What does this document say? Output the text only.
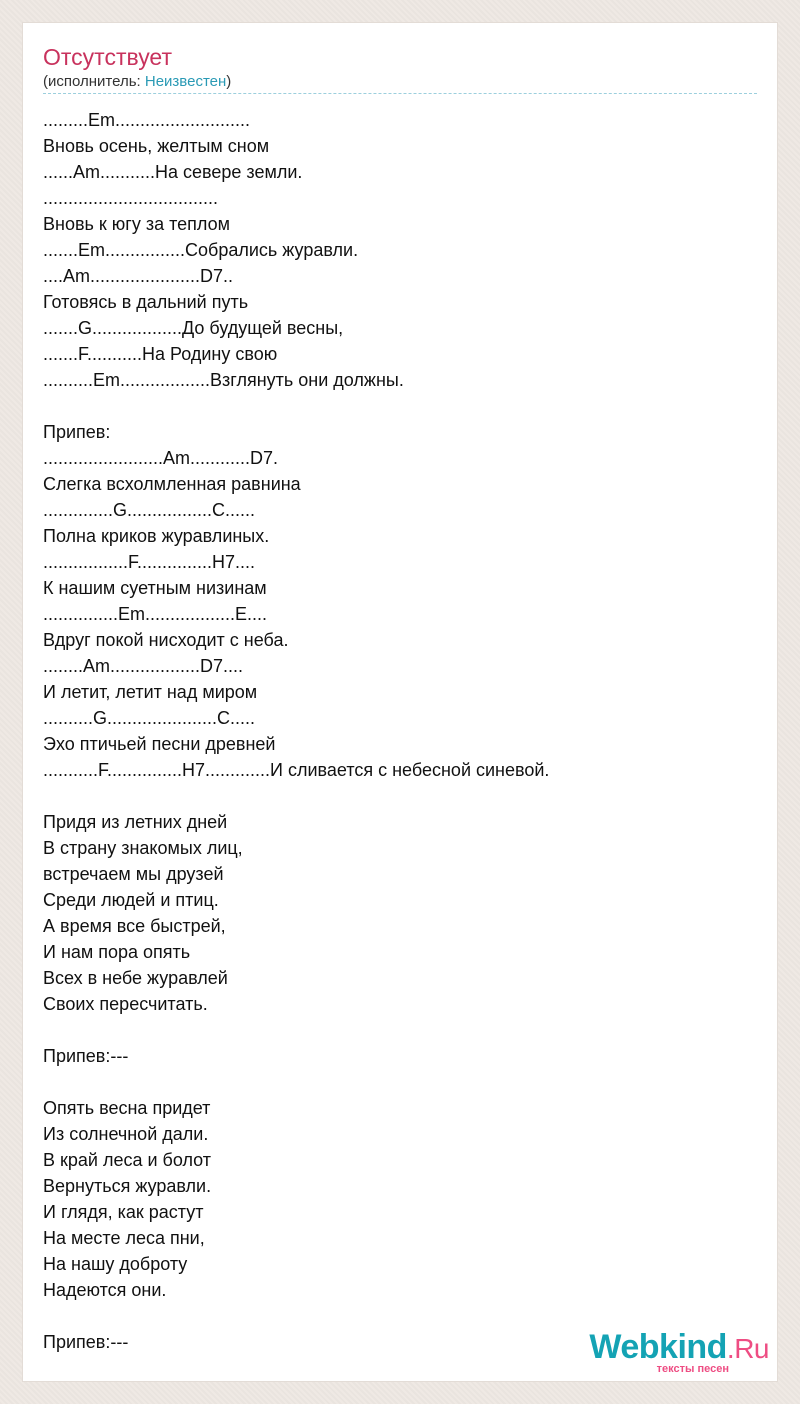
Отсутствует
(исполнитель: Неизвестен)
.........Em...........................
Вновь осень, желтым сном
......Am...........На севере земли.
...................................
Вновь к югу за теплом
.......Em................Собрались журавли.
....Am......................D7..
Готовясь в дальний путь
.......G..................До будущей весны,
.......F...........На Родину свою
..........Em..................Взглянуть они должны.

Припев:
........................Am............D7.
Слегка всхолмленная равнина
..............G.................C......
Полна криков журавлиных.
.................F...............H7....
К нашим суетным низинам
...............Em..................E....
Вдруг покой нисходит с неба.
........Am..................D7....
И летит, летит над миром
..........G......................C.....
Эхо птичьей песни древней
...........F...............H7.............И сливается с небесной синевой.

Придя из летних дней
В страну знакомых лиц,
встречаем мы друзей
Среди людей и птиц.
А время все быстрей,
И нам пора опять
Всех в небе журавлей
Своих пересчитать.

Припев:---

Опять весна придет
Из солнечной дали.
В край леса и болот
Вернуться журавли.
И глядя, как растут
На месте леса пни,
На нашу доброту
Надеются они.

Припев:---	Webkind.Ru
тексты песен
